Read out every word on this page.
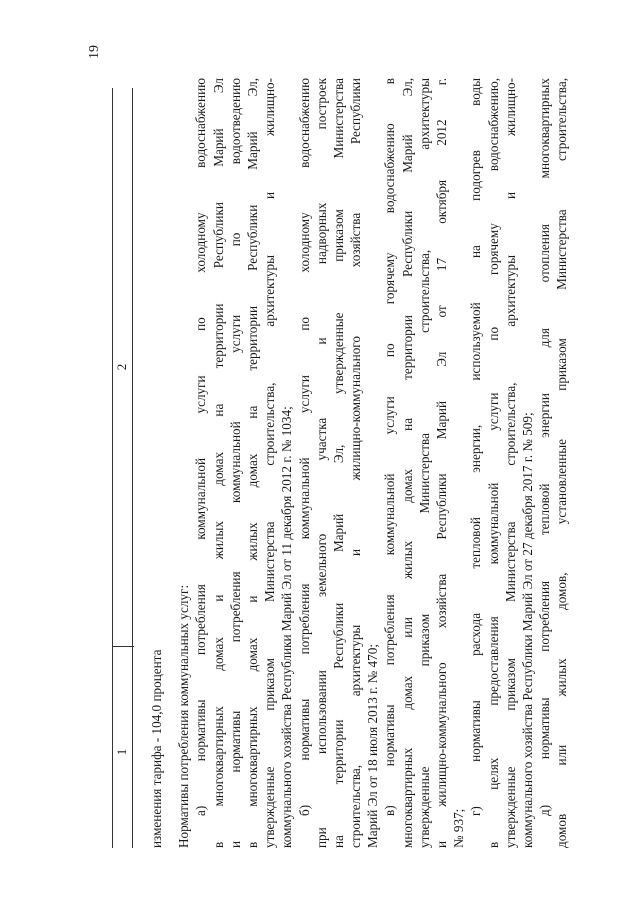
19
1
2
изменения тарифа - 104,0 процента Нормативы потребления коммунальных услуг: а) нормативы потребления коммунальной услуги по холодному водоснабжению в многоквартирных домах и жилых домах на территории Республики Марий Эл и нормативы потребления коммунальной услуги по водоотведению в многоквартирных домах и жилых домах на территории Республики Марий Эл, утвержденные приказом Министерства строительства, архитектуры и жилищно- коммунального хозяйства Республики Марий Эл от 11 декабря 2012 г. № 1034; б) нормативы потребления коммунальной услуги по холодному водоснабжению при использовании земельного участка и надворных построек на территории Республики Марий Эл, утвержденные приказом Министерства строительства, архитектуры и жилищно-коммунального хозяйства Республики Марий Эл от 18 июля 2013 г. № 470; в) нормативы потребления коммунальной услуги по горячему водоснабжению в многоквартирных домах или жилых домах на территории Республики Марий Эл, утвержденные приказом Министерства строительства, архитектуры и жилищно-коммунального хозяйства Республики Марий Эл от 17 октября 2012 г. № 937;
г) нормативы расхода тепловой энергии, используемой на подогрев воды в целях предоставления коммунальной услуги по горячему водоснабжению, утвержденные приказом Министерства строительства, архитектуры и жилищно- коммунального хозяйства Республики Марий Эл от 27 декабря 2017 г. № 509; д) нормативы потребления тепловой энергии для отопления многоквартирных домов или жилых домов, установленные приказом Министерства строительства,
